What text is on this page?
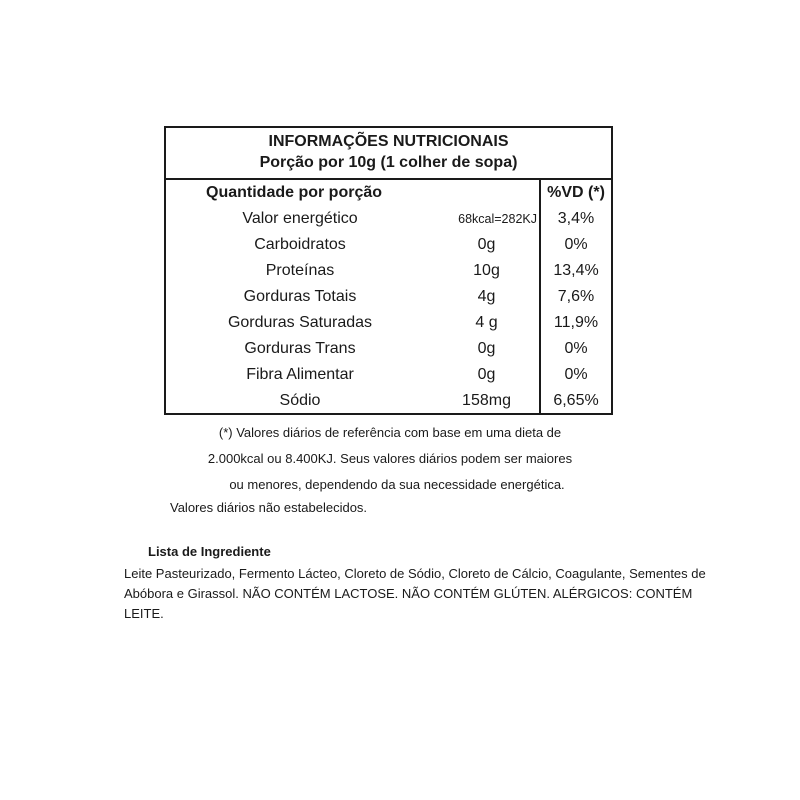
INFORMAÇÕES NUTRICIONAIS
Porção por 10g (1 colher de sopa)
Quantidade por porção		%VD (*)
Valor energético	68kcal=282KJ	3,4%
Carboidratos	0g	0%
Proteínas	10g	13,4%
Gorduras Totais	4g	7,6%
Gorduras Saturadas	4 g	11,9%
Gorduras Trans	0g	0%
Fibra Alimentar	0g	0%
Sódio	158mg	6,65%
(*) Valores diários de referência com base em uma dieta de
2.000kcal ou 8.400KJ. Seus valores diários podem ser maiores
ou menores, dependendo da sua necessidade energética.
Valores diários não estabelecidos.
Lista de Ingrediente
Leite Pasteurizado, Fermento Lácteo, Cloreto de Sódio, Cloreto de Cálcio, Coagulante, Sementes de Abóbora e Girassol. NÃO CONTÉM LACTOSE. NÃO CONTÉM GLÚTEN. ALÉRGICOS: CONTÉM LEITE.
